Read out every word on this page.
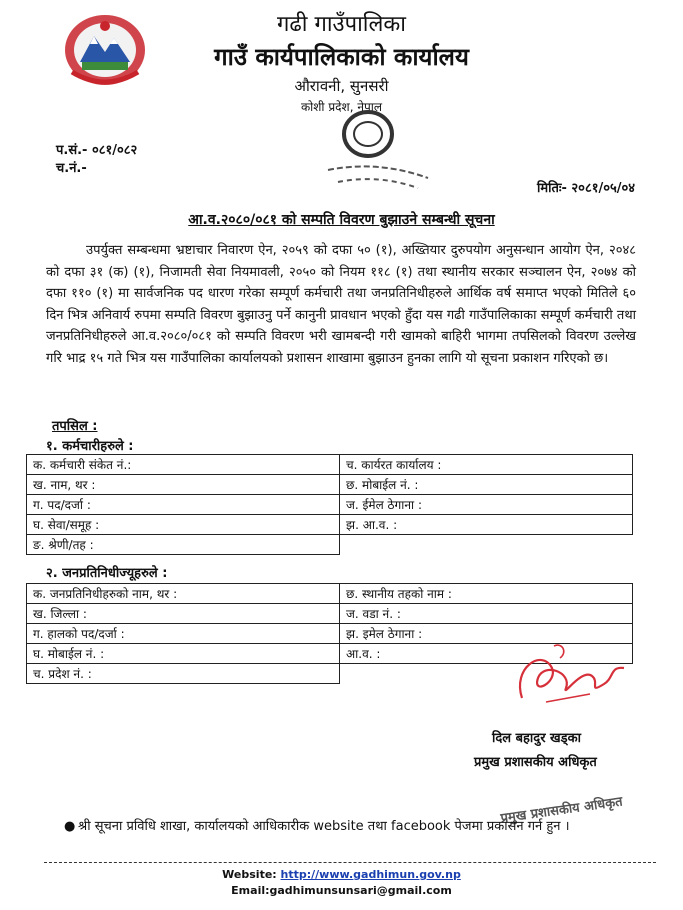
गढी गाउँपालिका
गाउँ कार्यपालिकाको कार्यालय
औरावनी, सुनसरी
कोशी प्रदेश, नेपाल
प.सं.- ०८१/०८२
च.नं.-
मितिः- २०८१/०५/०४
आ.व.२०८०/०८१ को सम्पति विवरण बुझाउने सम्बन्धी सूचना
उपर्युक्त सम्बन्धमा भ्रष्टाचार निवारण ऐन, २०५९ को दफा ५० (१), अख्तियार दुरुपयोग अनुसन्धान आयोग ऐन, २०४८ को दफा ३१ (क) (१), निजामती सेवा नियमावली, २०५० को नियम ११८ (१) तथा स्थानीय सरकार सञ्चालन ऐन, २०७४ को दफा ११० (१) मा सार्वजनिक पद धारण गरेका सम्पूर्ण कर्मचारी तथा जनप्रतिनिधीहरुले आर्थिक वर्ष समाप्त भएको मितिले ६० दिन भित्र अनिवार्य रुपमा सम्पति विवरण बुझाउनु पर्ने कानुनी प्रावधान भएको हुँदा यस गढी गाउँपालिकाका सम्पूर्ण कर्मचारी तथा जनप्रतिनिधीहरुले आ.व.२०८०/०८१ को सम्पति विवरण भरी खामबन्दी गरी खामको बाहिरी भागमा तपसिलको विवरण उल्लेख गरि भाद्र १५ गते भित्र यस गाउँपालिका कार्यालयको प्रशासन शाखामा बुझाउन हुनका लागि यो सूचना प्रकाशन गरिएको छ।
तपसिल :
१. कर्मचारीहरुले :
क. कर्मचारी संकेत नं.:	च. कार्यरत कार्यालय :
ख. नाम, थर :	छ. मोबाईल नं. :
ग. पद/दर्जा :	ज. ईमेल ठेगाना :
घ. सेवा/समूह :	झ. आ.व. :
ङ. श्रेणी/तह :	
२. जनप्रतिनिधीज्यूहरुले :
क. जनप्रतिनिधीहरुको नाम, थर :	छ. स्थानीय तहको नाम :
ख. जिल्ला :	ज. वडा नं. :
ग. हालको पद/दर्जा :	झ. इमेल ठेगाना :
घ. मोबाईल नं. :	आ.व. :
च. प्रदेश नं. :	
दिल बहादुर खड्का
प्रमुख प्रशासकीय अधिकृत
प्रमुख प्रशासकीय अधिकृत
● श्री सूचना प्रविधि शाखा, कार्यालयको आधिकारीक website तथा facebook पेजमा प्रकासन गर्न हुन ।
Website: http://www.gadhimun.gov.np
Email:gadhimunsunsari@gmail.com
